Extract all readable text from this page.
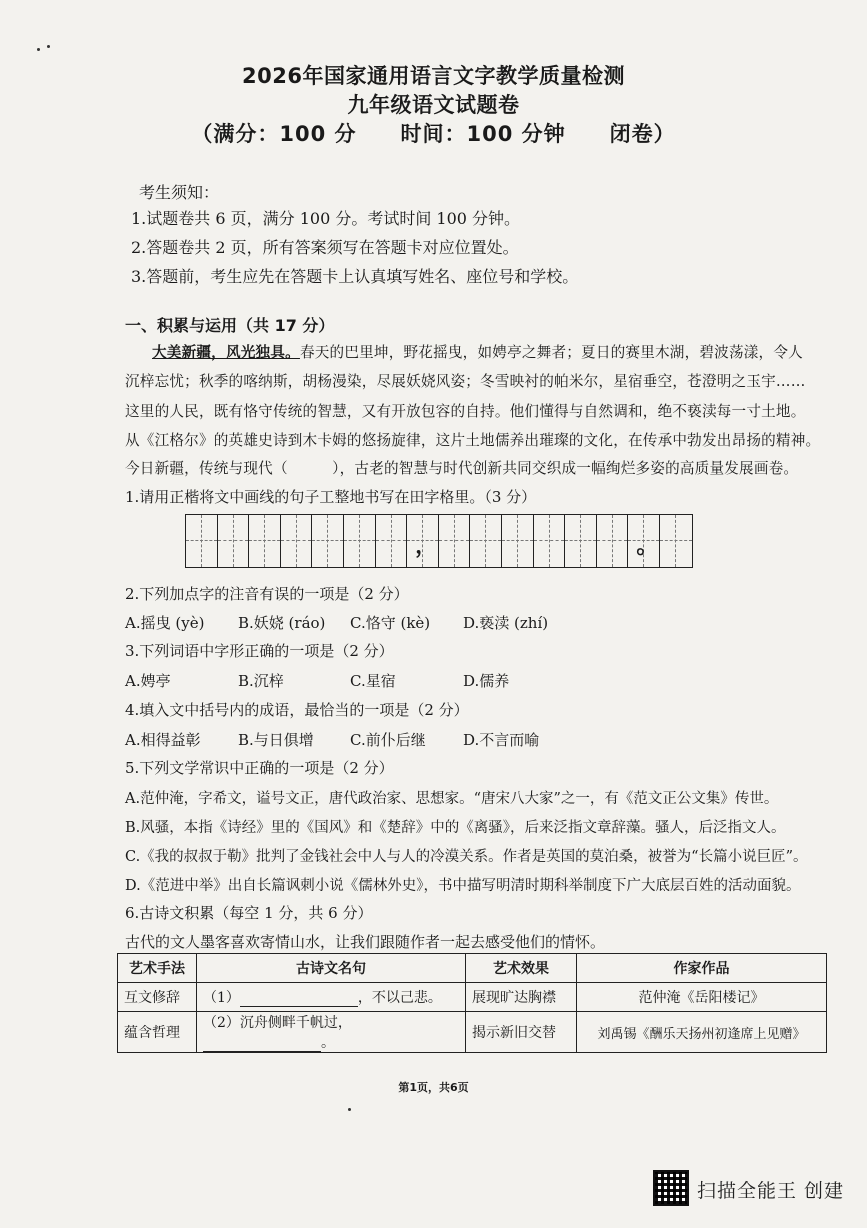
2026年国家通用语言文字教学质量检测
九年级语文试题卷
（满分：100 分　　时间：100 分钟　　闭卷）
考生须知：
1.试题卷共 6 页，满分 100 分。考试时间 100 分钟。
2.答题卷共 2 页，所有答案须写在答题卡对应位置处。
3.答题前，考生应先在答题卡上认真填写姓名、座位号和学校。
一、积累与运用（共 17 分）
大美新疆，风光独具。春天的巴里坤，野花摇曳，如娉亭之舞者；夏日的赛里木湖，碧波荡漾，令人
沉梓忘忧；秋季的喀纳斯，胡杨漫染，尽展妖娆风姿；冬雪映衬的帕米尔，星宿垂空，苍澄明之玉宇……
这里的人民，既有恪守传统的智慧，又有开放包容的自持。他们懂得与自然调和，绝不亵渎每一寸土地。
从《江格尔》的英雄史诗到木卡姆的悠扬旋律，这片土地儒养出璀璨的文化，在传承中勃发出昂扬的精神。
今日新疆，传统与现代（　　　），古老的智慧与时代创新共同交织成一幅绚烂多姿的高质量发展画卷。
1.请用正楷将文中画线的句子工整地书写在田字格里。（3 分）
，	。
2.下列加点字的注音有误的一项是（2 分）
A.摇曳 (yè) B.妖娆 (ráo) C.恪守 (kè) D.亵渎 (zhí)
3.下列词语中字形正确的一项是（2 分）
A.娉亭	B.沉梓	C.星宿	D.儒养
4.填入文中括号内的成语，最恰当的一项是（2 分）
A.相得益彰 B.与日俱增 C.前仆后继 D.不言而喻
5.下列文学常识中正确的一项是（2 分）
A.范仲淹，字希文，谥号文正，唐代政治家、思想家。“唐宋八大家”之一，有《范文正公文集》传世。
B.风骚，本指《诗经》里的《国风》和《楚辞》中的《离骚》，后来泛指文章辞藻。骚人，后泛指文人。
C.《我的叔叔于勒》批判了金钱社会中人与人的冷漠关系。作者是英国的莫泊桑，被誉为“长篇小说巨匠”。
D.《范进中举》出自长篇讽刺小说《儒林外史》，书中描写明清时期科举制度下广大底层百姓的活动面貌。
6.古诗文积累（每空 1 分，共 6 分）
古代的文人墨客喜欢寄情山水，让我们跟随作者一起去感受他们的情怀。
艺术手法	古诗文名句	艺术效果	作家作品
互文修辞	（1） ，不以己悲。	展现旷达胸襟	范仲淹《岳阳楼记》
蕴含哲理	（2）沉舟侧畔千帆过，。	揭示新旧交替	刘禹锡《酬乐天扬州初逢席上见赠》
第1页，共6页
扫描全能王 创建
